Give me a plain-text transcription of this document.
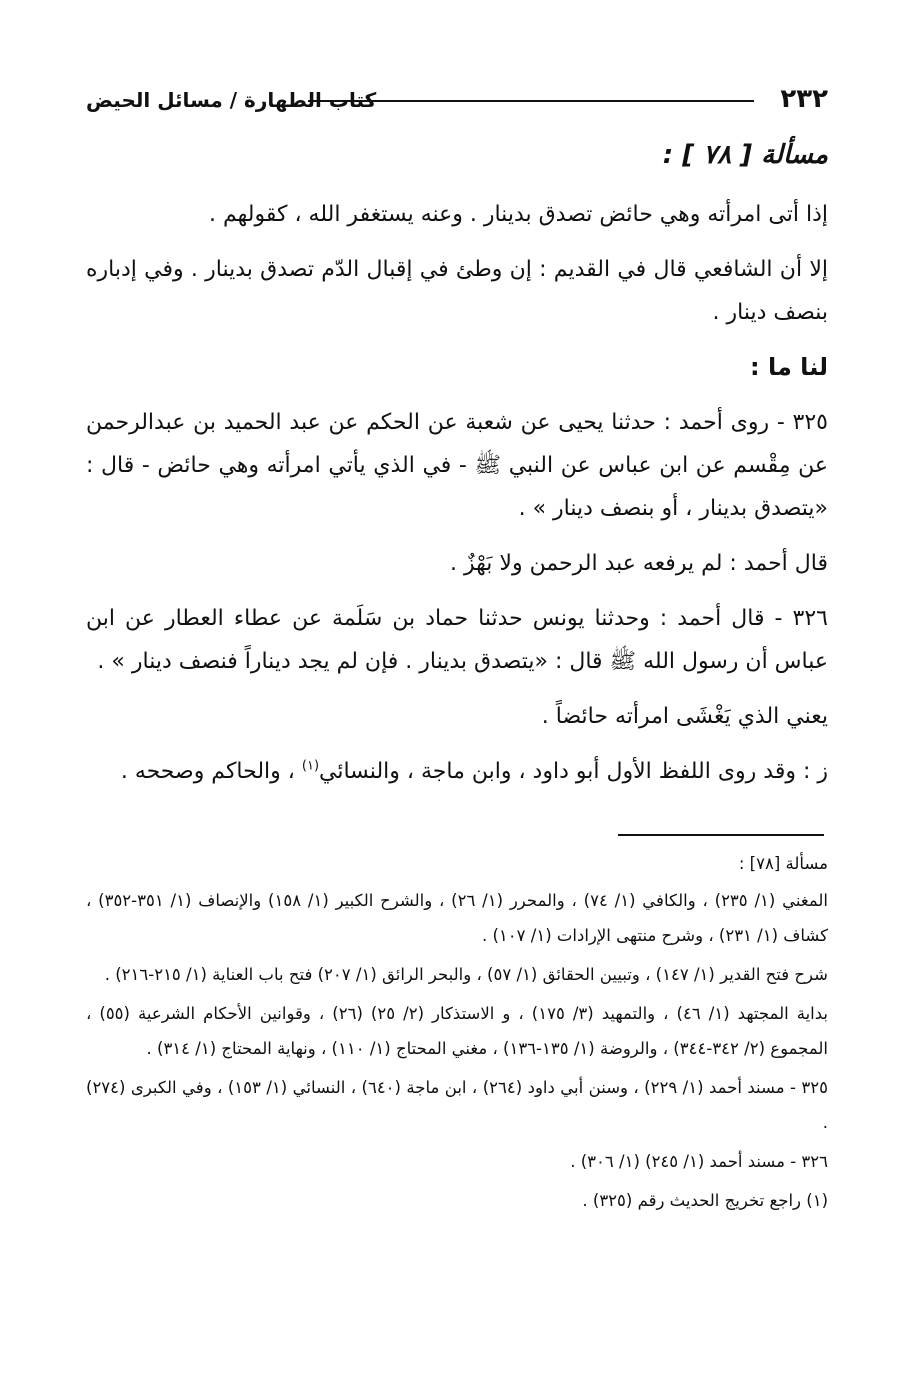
٢٣٢
كتاب الطهارة / مسائل الحيض

مسألة [ ٧٨ ] :

إذا أتى امرأته وهي حائض تصدق بدينار . وعنه يستغفر الله ، كقولهم .

إلا أن الشافعي قال في القديم : إن وطئ في إقبال الدّم تصدق بدينار . وفي إدباره بنصف دينار .

لنا ما :

٣٢٥ - روى أحمد : حدثنا يحيى عن شعبة عن الحكم عن عبد الحميد بن عبدالرحمن عن مِقْسم عن ابن عباس عن النبي ﷺ - في الذي يأتي امرأته وهي حائض - قال : «يتصدق بدينار ، أو بنصف دينار » .

قال أحمد : لم يرفعه عبد الرحمن ولا بَهْزٌ .

٣٢٦ - قال أحمد : وحدثنا يونس حدثنا حماد بن سَلَمة عن عطاء العطار عن ابن عباس أن رسول الله ﷺ قال : «يتصدق بدينار . فإن لم يجد ديناراً فنصف دينار » .

يعني الذي يَغْشَى امرأته حائضاً .

ز : وقد روى اللفظ الأول أبو داود ، وابن ماجة ، والنسائي$^{(١)}$ ، والحاكم وصححه .

مسألة [٧٨] :

المغني (١/ ٢٣٥) ، والكافي (١/ ٧٤) ، والمحرر (١/ ٢٦) ، والشرح الكبير (١/ ١٥٨) والإنصاف (١/ ٣٥١-٣٥٢) ، كشاف (١/ ٢٣١) ، وشرح منتهى الإرادات (١/ ١٠٧) .

شرح فتح القدير (١/ ١٤٧) ، وتبيين الحقائق (١/ ٥٧) ، والبحر الرائق (١/ ٢٠٧) فتح باب العناية (١/ ٢١٥-٢١٦) .

بداية المجتهد (١/ ٤٦) ، والتمهيد (٣/ ١٧٥) ، و الاستذكار (٢/ ٢٥) (٢٦) ، وقوانين الأحكام الشرعية (٥٥) ، المجموع (٢/ ٣٤٢-٣٤٤) ، والروضة (١/ ١٣٥-١٣٦) ، مغني المحتاج (١/ ١١٠) ، ونهاية المحتاج (١/ ٣١٤) .

٣٢٥ - مسند أحمد (١/ ٢٢٩) ، وسنن أبي داود (٢٦٤) ، ابن ماجة (٦٤٠) ، النسائي (١/ ١٥٣) ، وفي الكبرى (٢٧٤) .

٣٢٦ - مسند أحمد (١/ ٢٤٥) (١/ ٣٠٦) .

(١) راجع تخريج الحديث رقم (٣٢٥) .
